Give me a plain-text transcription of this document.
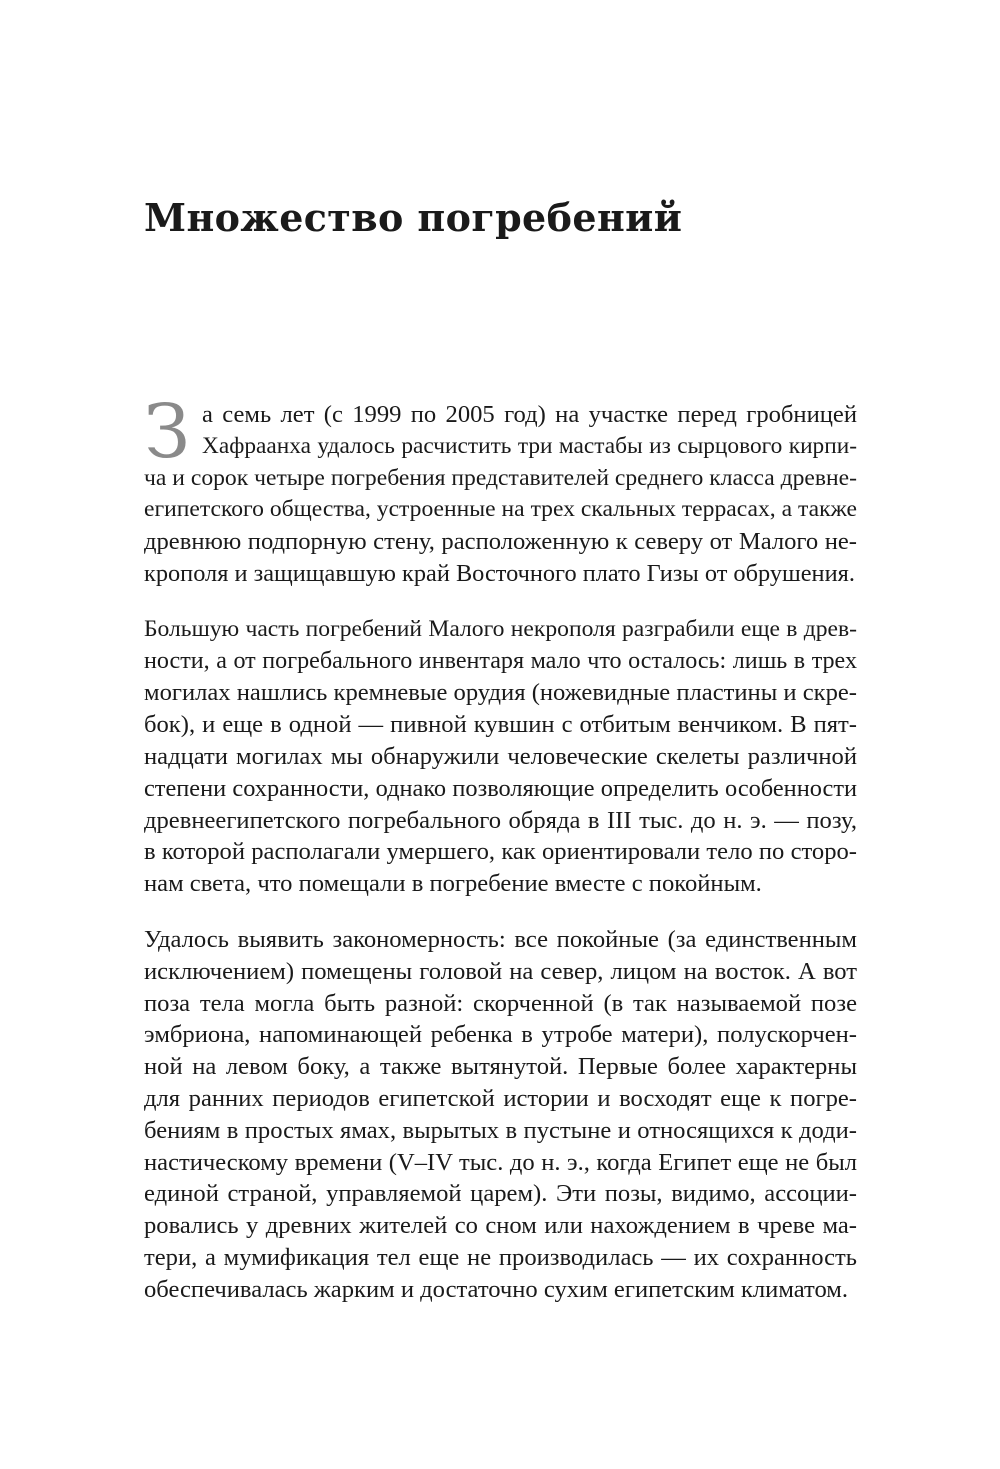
Множество погребений
З а семь лет (с 1999 по 2005 год) на участке перед гробницей
Хафраанха удалось расчистить три мастабы из сырцового кирпи-
ча и сорок четыре погребения представителей среднего класса древне-
египетского общества, устроенные на трех скальных террасах, а также
древнюю подпорную стену, расположенную к северу от Малого не-
крополя и защищавшую край Восточного плато Гизы от обрушения.
Большую часть погребений Малого некрополя разграбили еще в древ-
ности, а от погребального инвентаря мало что осталось: лишь в трех
могилах нашлись кремневые орудия (ножевидные пластины и скре-
бок), и еще в одной — пивной кувшин с отбитым венчиком. В пят-
надцати могилах мы обнаружили человеческие скелеты различной
степени сохранности, однако позволяющие определить особенности
древнеегипетского погребального обряда в III тыс. до н. э. — позу,
в которой располагали умершего, как ориентировали тело по сторо-
нам света, что помещали в погребение вместе с покойным.
Удалось выявить закономерность: все покойные (за единственным
исключением) помещены головой на север, лицом на восток. А вот
поза тела могла быть разной: скорченной (в так называемой позе
эмбриона, напоминающей ребенка в утробе матери), полускорчен-
ной на левом боку, а также вытянутой. Первые более характерны
для ранних периодов египетской истории и восходят еще к погре-
бениям в простых ямах, вырытых в пустыне и относящихся к доди-
настическому времени (V–IV тыс. до н. э., когда Египет еще не был
единой страной, управляемой царем). Эти позы, видимо, ассоции-
ровались у древних жителей со сном или нахождением в чреве ма-
тери, а мумификация тел еще не производилась — их сохранность
обеспечивалась жарким и достаточно сухим египетским климатом.
